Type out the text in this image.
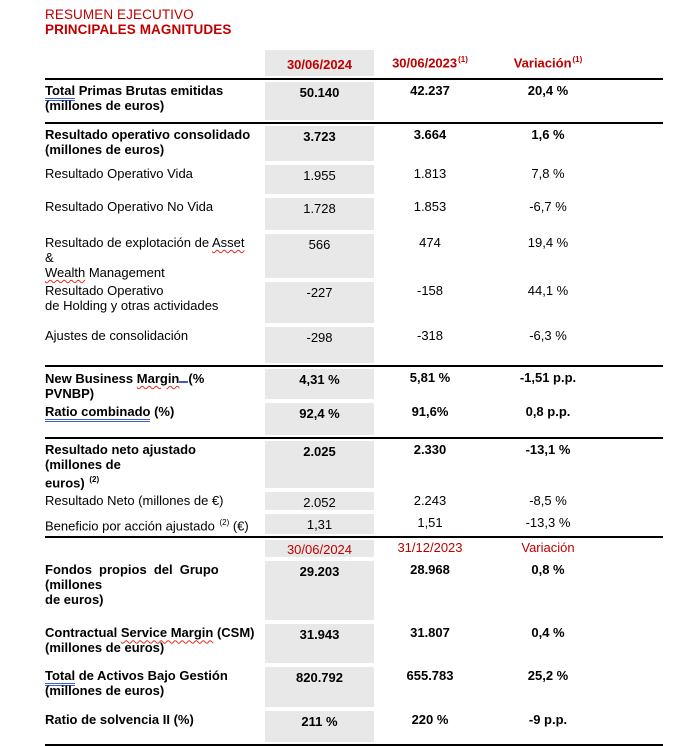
RESUMEN EJECUTIVO
PRINCIPALES MAGNITUDES
30/06/2024	30/06/2023$^{(1)}$	Variación$^{(1)}$
Total Primas Brutas emitidas
(millones de euros)
50.140	42.237	20,4 %
Resultado operativo consolidado
(millones de euros)
3.723	3.664	1,6 %
Resultado Operativo Vida	1.955	1.813	7,8 %
Resultado Operativo No Vida	1.728	1.853	-6,7 %
Resultado de explotación de Asset &
Wealth Management
566	474	19,4 %
Resultado Operativo
de Holding y otras actividades
-227	-158	44,1 %
Ajustes de consolidación	-298	-318	-6,3 %
New Business Margin (% PVNBP)
4,31 %	5,81 %	-1,51 p.p.
Ratio combinado (%)	92,4 %	91,6%	0,8 p.p.
Resultado neto ajustado (millones de
euros) $^{(2)}$
2.025	2.330	-13,1 %
Resultado Neto (millones de €)	2.052	2.243	-8,5 %
Beneficio por acción ajustado $^{(2)}$ (€)	1,31	1,51	-13,3 %
30/06/2024	31/12/2023	Variación
Fondos propios del Grupo (millones
de euros)
29.203	28.968	0,8 %
Contractual Service Margin (CSM)
(millones de euros)
31.943	31.807	0,4 %
Total de Activos Bajo Gestión
(millones de euros)
820.792	655.783	25,2 %
Ratio de solvencia II (%)	211 %	220 %	-9 p.p.
